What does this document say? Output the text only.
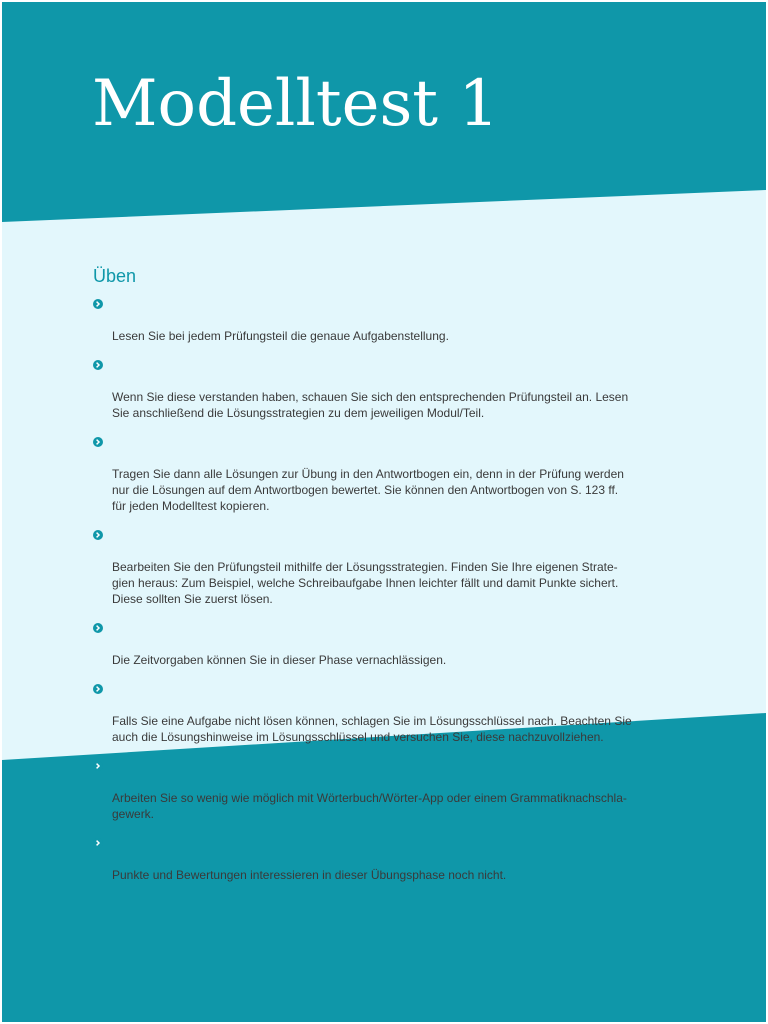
Modelltest 1
Üben

Lesen Sie bei jedem Prüfungsteil die genaue Aufgabenstellung.

Wenn Sie diese verstanden haben, schauen Sie sich den entsprechenden Prüfungsteil an. Lesen
Sie anschließend die Lösungsstrategien zu dem jeweiligen Modul/Teil.

Tragen Sie dann alle Lösungen zur Übung in den Antwortbogen ein, denn in der Prüfung werden
nur die Lösungen auf dem Antwortbogen bewertet. Sie können den Antwortbogen von S. 123 ff.
für jeden Modelltest kopieren.

Bearbeiten Sie den Prüfungsteil mithilfe der Lösungsstrategien. Finden Sie Ihre eigenen Strate-
gien heraus: Zum Beispiel, welche Schreibaufgabe Ihnen leichter fällt und damit Punkte sichert.
Diese sollten Sie zuerst lösen.

Die Zeitvorgaben können Sie in dieser Phase vernachlässigen.

Falls Sie eine Aufgabe nicht lösen können, schlagen Sie im Lösungsschlüssel nach. Beachten Sie
auch die Lösungshinweise im Lösungsschlüssel und versuchen Sie, diese nachzuvollziehen.

Arbeiten Sie so wenig wie möglich mit Wörterbuch/Wörter-App oder einem Grammatiknachschla-
gewerk.

Punkte und Bewertungen interessieren in dieser Übungsphase noch nicht.
